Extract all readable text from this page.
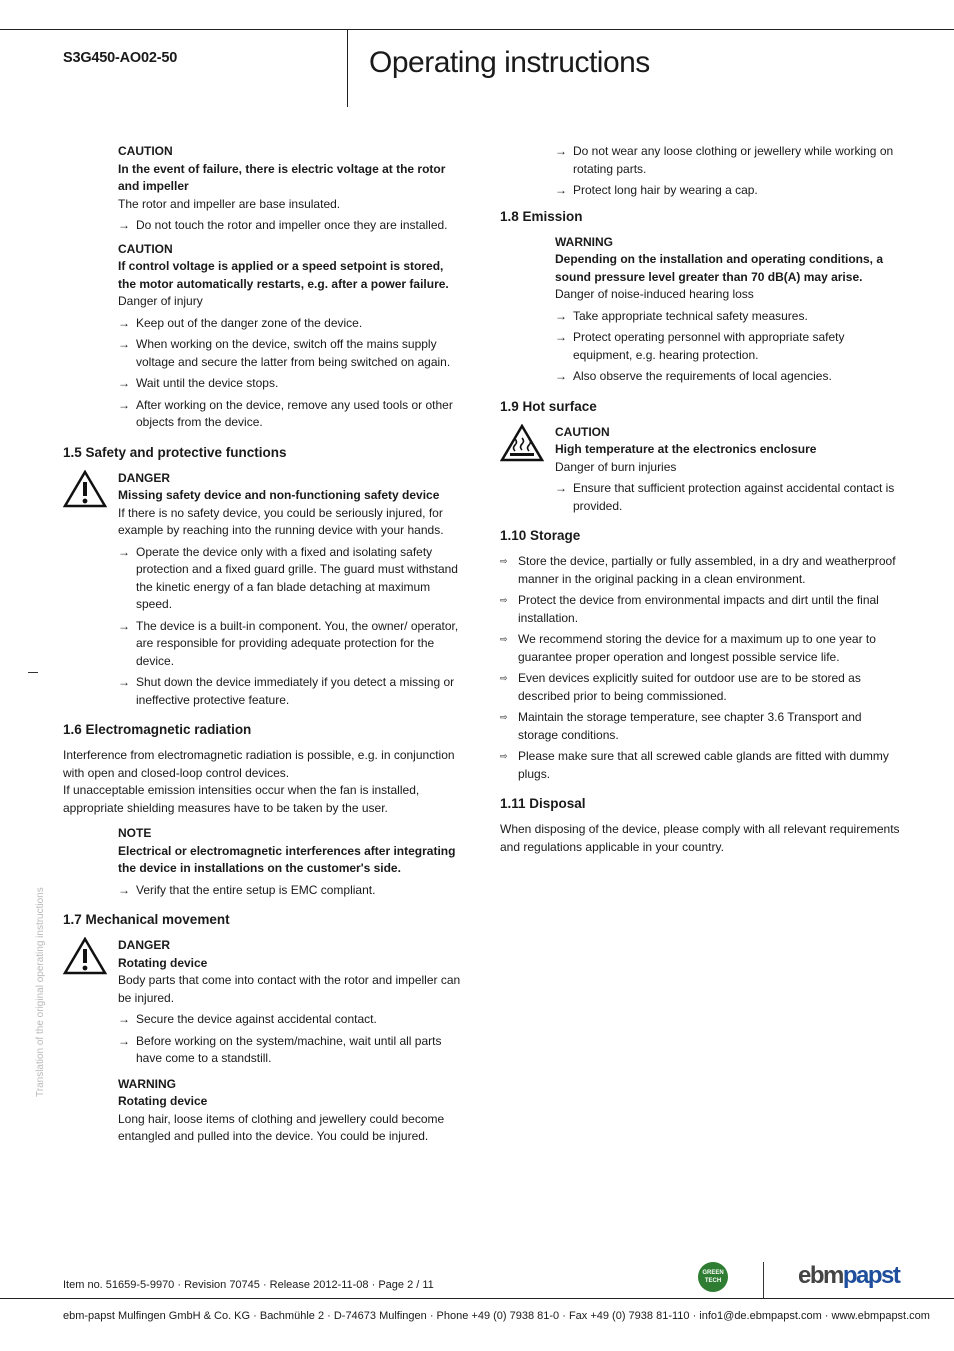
S3G450-AO02-50	Operating instructions
Translation of the original operating instructions
CAUTION
In the event of failure, there is electric voltage at the rotor and impeller
The rotor and impeller are base insulated.
→ Do not touch the rotor and impeller once they are installed.
CAUTION
If control voltage is applied or a speed setpoint is stored, the motor automatically restarts, e.g. after a power failure.
Danger of injury
→ Keep out of the danger zone of the device.
→ When working on the device, switch off the mains supply voltage and secure the latter from being switched on again.
→ Wait until the device stops.
→ After working on the device, remove any used tools or other objects from the device.
1.5 Safety and protective functions
DANGER
Missing safety device and non-functioning safety device
If there is no safety device, you could be seriously injured, for example by reaching into the running device with your hands.
→ Operate the device only with a fixed and isolating safety protection and a fixed guard grille. The guard must withstand the kinetic energy of a fan blade detaching at maximum speed.
→ The device is a built-in component. You, the owner/ operator, are responsible for providing adequate protection for the device.
→ Shut down the device immediately if you detect a missing or ineffective protective feature.
1.6 Electromagnetic radiation
Interference from electromagnetic radiation is possible, e.g. in conjunction with open and closed-loop control devices.
If unacceptable emission intensities occur when the fan is installed, appropriate shielding measures have to be taken by the user.
NOTE
Electrical or electromagnetic interferences after integrating the device in installations on the customer's side.
→ Verify that the entire setup is EMC compliant.
1.7 Mechanical movement
DANGER
Rotating device
Body parts that come into contact with the rotor and impeller can be injured.
→ Secure the device against accidental contact.
→ Before working on the system/machine, wait until all parts have come to a standstill.
WARNING
Rotating device
Long hair, loose items of clothing and jewellery could become entangled and pulled into the device. You could be injured.
→ Do not wear any loose clothing or jewellery while working on rotating parts.
→ Protect long hair by wearing a cap.
1.8 Emission
WARNING
Depending on the installation and operating conditions, a sound pressure level greater than 70 dB(A) may arise.
Danger of noise-induced hearing loss
→ Take appropriate technical safety measures.
→ Protect operating personnel with appropriate safety equipment, e.g. hearing protection.
→ Also observe the requirements of local agencies.
1.9 Hot surface
CAUTION
High temperature at the electronics enclosure
Danger of burn injuries
→ Ensure that sufficient protection against accidental contact is provided.
1.10 Storage
⇨ Store the device, partially or fully assembled, in a dry and weatherproof manner in the original packing in a clean environment.
⇨ Protect the device from environmental impacts and dirt until the final installation.
⇨ We recommend storing the device for a maximum up to one year to guarantee proper operation and longest possible service life.
⇨ Even devices explicitly suited for outdoor use are to be stored as described prior to being commissioned.
⇨ Maintain the storage temperature, see chapter 3.6 Transport and storage conditions.
⇨ Please make sure that all screwed cable glands are fitted with dummy plugs.
1.11 Disposal
When disposing of the device, please comply with all relevant requirements and regulations applicable in your country.
Item no. 51659-5-9970 · Revision 70745 · Release 2012-11-08 · Page 2 / 11
GREEN TECH	ebmpapst
ebm-papst Mulfingen GmbH & Co. KG · Bachmühle 2 · D-74673 Mulfingen · Phone +49 (0) 7938 81-0 · Fax +49 (0) 7938 81-110 · info1@de.ebmpapst.com · www.ebmpapst.com
